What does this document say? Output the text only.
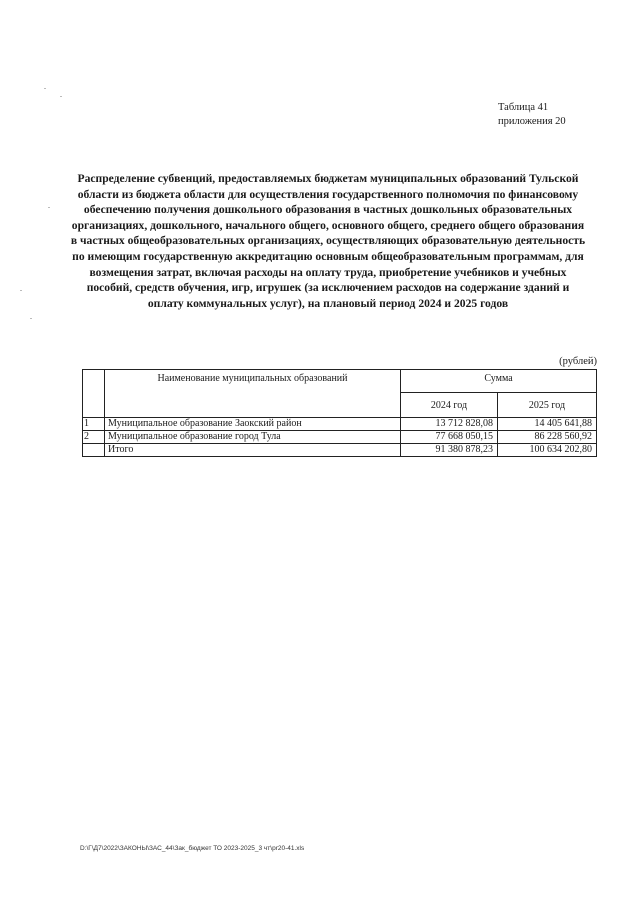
Таблица 41
приложения 20
Распределение субвенций, предоставляемых бюджетам муниципальных образований Тульской области из бюджета области для осуществления государственного полномочия по финансовому обеспечению получения дошкольного образования в частных дошкольных образовательных организациях, дошкольного, начального общего, основного общего, среднего общего образования в частных общеобразовательных организациях, осуществляющих образовательную деятельность по имеющим государственную аккредитацию основным общеобразовательным программам, для возмещения затрат, включая расходы на оплату труда, приобретение учебников и учебных пособий, средств обучения, игр, игрушек (за исключением расходов на содержание зданий и оплату коммунальных услуг), на плановый период 2024 и 2025 годов
(рублей)
	Наименование муниципальных образований	Сумма	
		2024 год	2025 год
1	Муниципальное образование Заокский район	13 712 828,08	14 405 641,88
2	Муниципальное образование город Тула	77 668 050,15	86 228 560,92
	Итого	91 380 878,23	100 634 202,80
D:\Г\Д7\2022\ЗАКОНЫ\ЗАС_44\Зак_бюджет ТО 2023-2025_3 чт\pr20-41.xls
